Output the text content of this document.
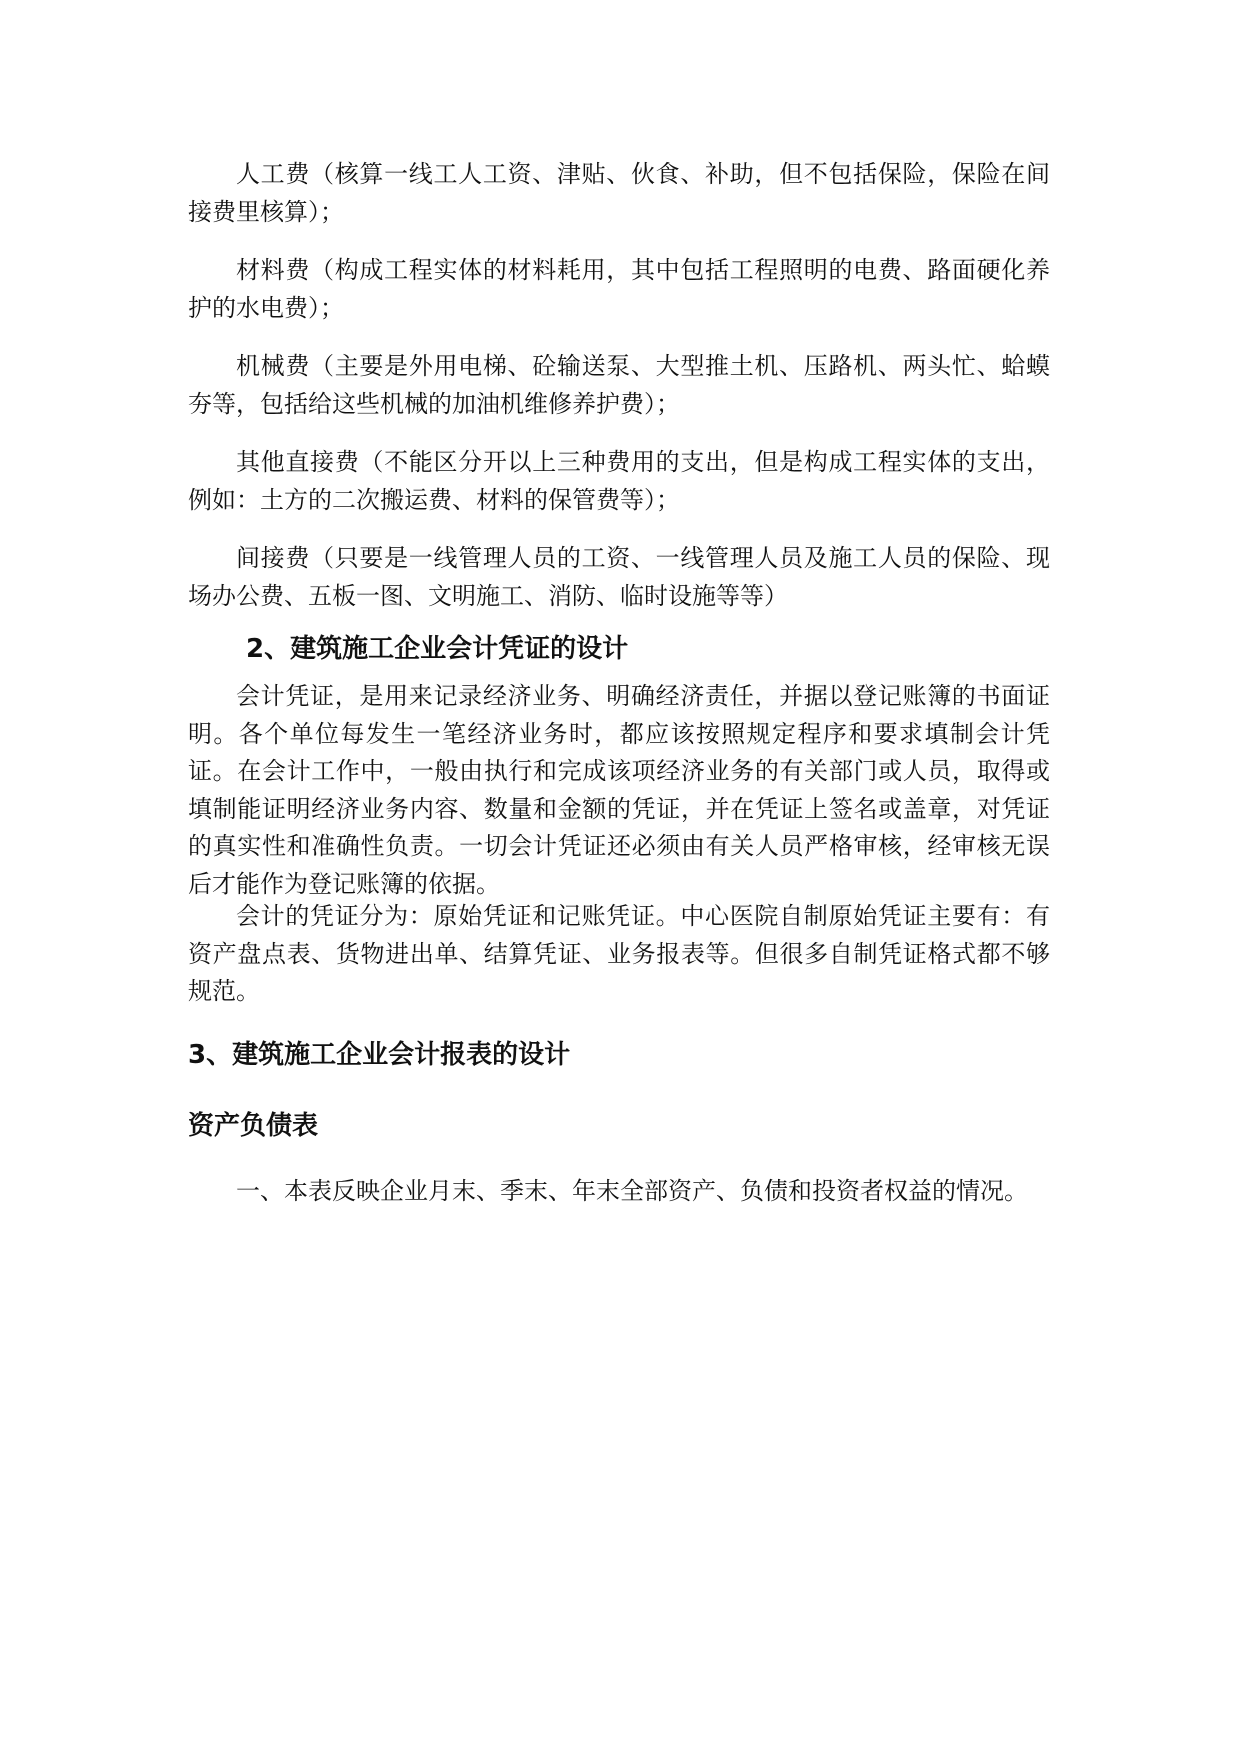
人工费（核算一线工人工资、津贴、伙食、补助，但不包括保险，保险在间接费里核算）；

材料费（构成工程实体的材料耗用，其中包括工程照明的电费、路面硬化养护的水电费）；

机械费（主要是外用电梯、砼输送泵、大型推土机、压路机、两头忙、蛤蟆夯等，包括给这些机械的加油机维修养护费）；

其他直接费（不能区分开以上三种费用的支出，但是构成工程实体的支出，例如：土方的二次搬运费、材料的保管费等）；

间接费（只要是一线管理人员的工资、一线管理人员及施工人员的保险、现场办公费、五板一图、文明施工、消防、临时设施等等）

2、建筑施工企业会计凭证的设计

会计凭证，是用来记录经济业务、明确经济责任，并据以登记账簿的书面证明。各个单位每发生一笔经济业务时，都应该按照规定程序和要求填制会计凭证。在会计工作中，一般由执行和完成该项经济业务的有关部门或人员，取得或填制能证明经济业务内容、数量和金额的凭证，并在凭证上签名或盖章，对凭证的真实性和准确性负责。一切会计凭证还必须由有关人员严格审核，经审核无误后才能作为登记账簿的依据。

会计的凭证分为：原始凭证和记账凭证。中心医院自制原始凭证主要有：有资产盘点表、货物进出单、结算凭证、业务报表等。但很多自制凭证格式都不够规范。

3、建筑施工企业会计报表的设计
资产负债表

一、本表反映企业月末、季末、年末全部资产、负债和投资者权益的情况。
